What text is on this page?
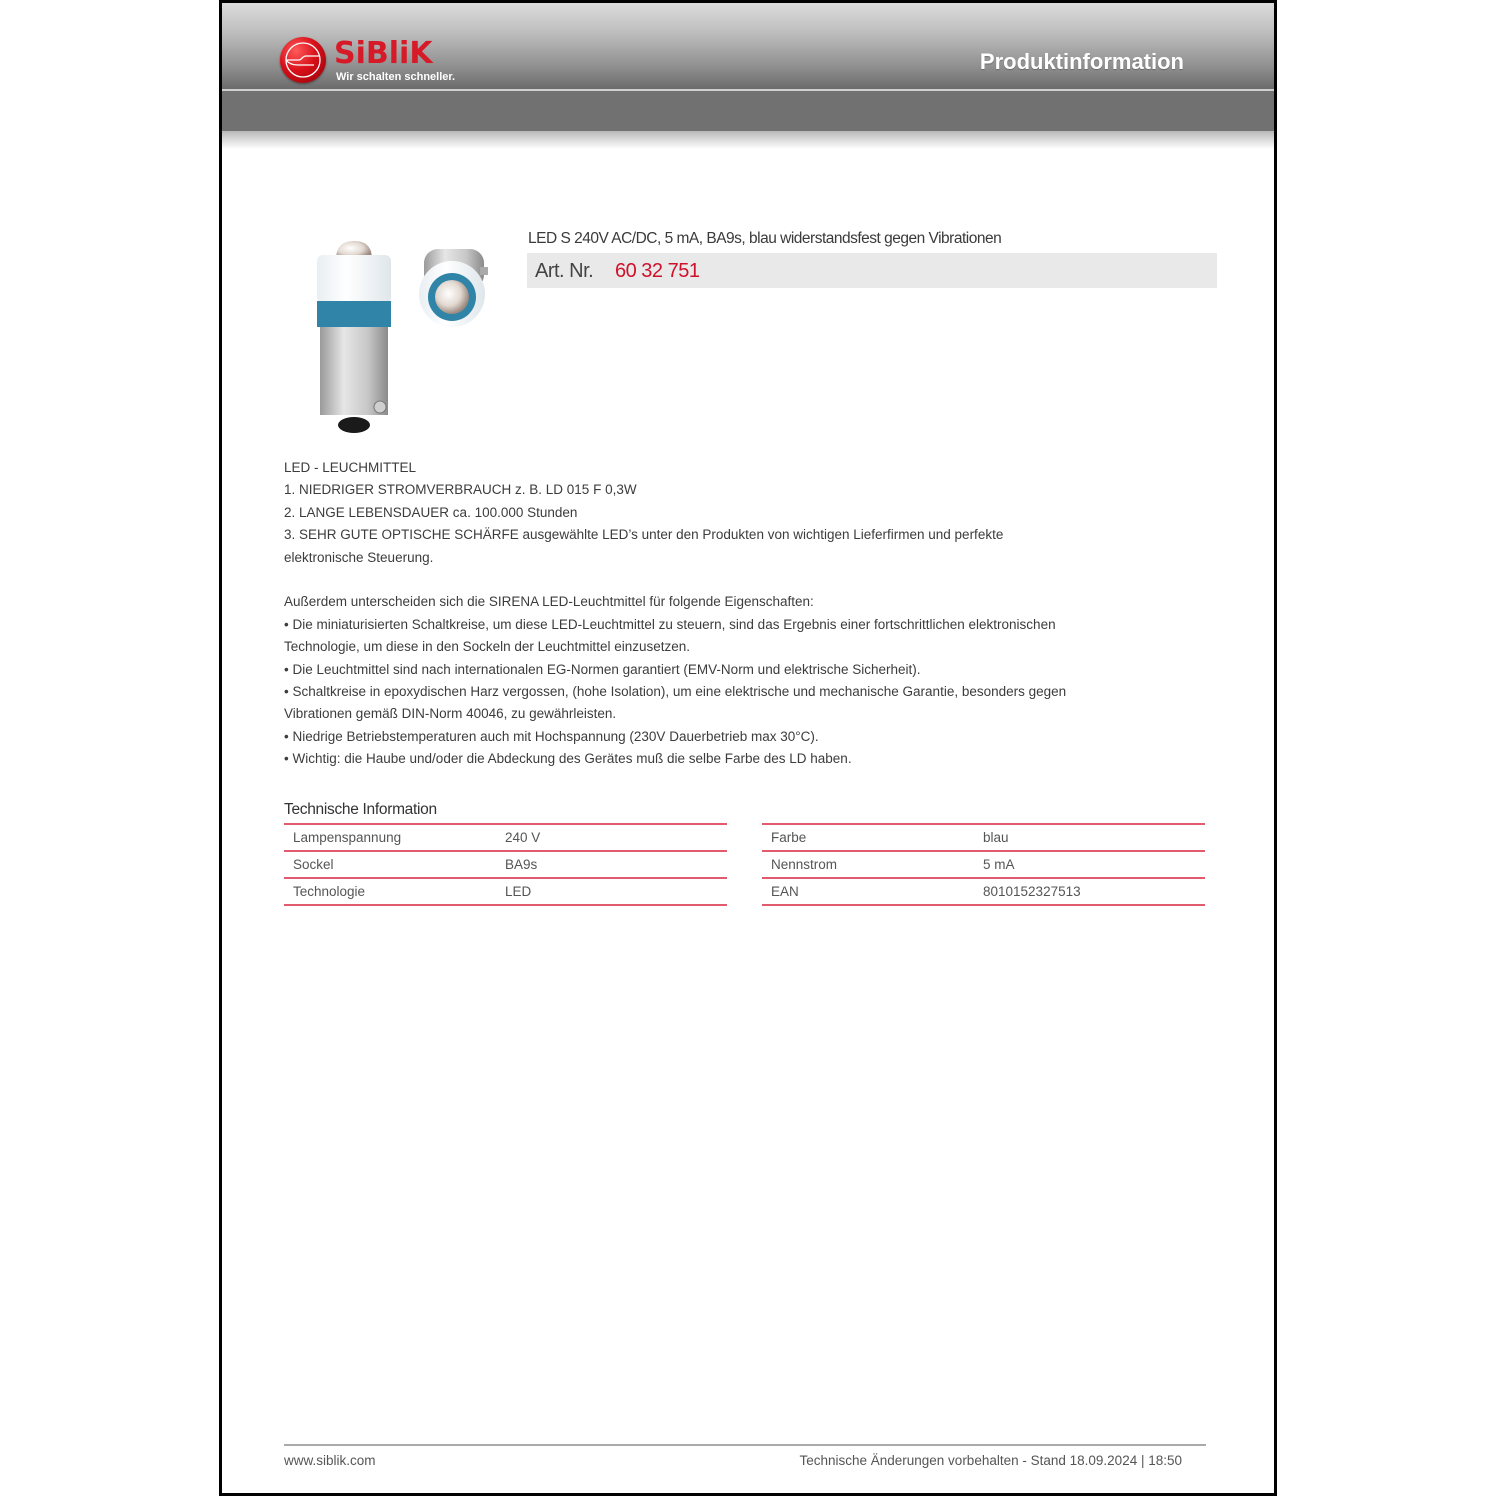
SiBliK
Wir schalten schneller.
Produktinformation
LED S 240V AC/DC, 5 mA, BA9s, blau widerstandsfest gegen Vibrationen
Art. Nr. 60 32 751

LED - LEUCHMITTEL

1. NIEDRIGER STROMVERBRAUCH z. B. LD 015 F 0,3W

2. LANGE LEBENSDAUER ca. 100.000 Stunden

3. SEHR GUTE OPTISCHE SCHÄRFE ausgewählte LED’s unter den Produkten von wichtigen Lieferfirmen und perfekte

elektronische Steuerung.

Außerdem unterscheiden sich die SIRENA LED-Leuchtmittel für folgende Eigenschaften:

• Die miniaturisierten Schaltkreise, um diese LED-Leuchtmittel zu steuern, sind das Ergebnis einer fortschrittlichen elektronischen

Technologie, um diese in den Sockeln der Leuchtmittel einzusetzen.

• Die Leuchtmittel sind nach internationalen EG-Normen garantiert (EMV-Norm und elektrische Sicherheit).

• Schaltkreise in epoxydischen Harz vergossen, (hohe Isolation), um eine elektrische und mechanische Garantie, besonders gegen

Vibrationen gemäß DIN-Norm 40046, zu gewährleisten.

• Niedrige Betriebstemperaturen auch mit Hochspannung (230V Dauerbetrieb max 30°C).

• Wichtig: die Haube und/oder die Abdeckung des Gerätes muß die selbe Farbe des LD haben.

Technische Information
Lampenspannung	240 V
Sockel	BA9s
Technologie	LED
Farbe	blau
Nennstrom	5 mA
EAN	8010152327513
www.siblik.com	Technische Änderungen vorbehalten - Stand 18.09.2024 | 18:50
